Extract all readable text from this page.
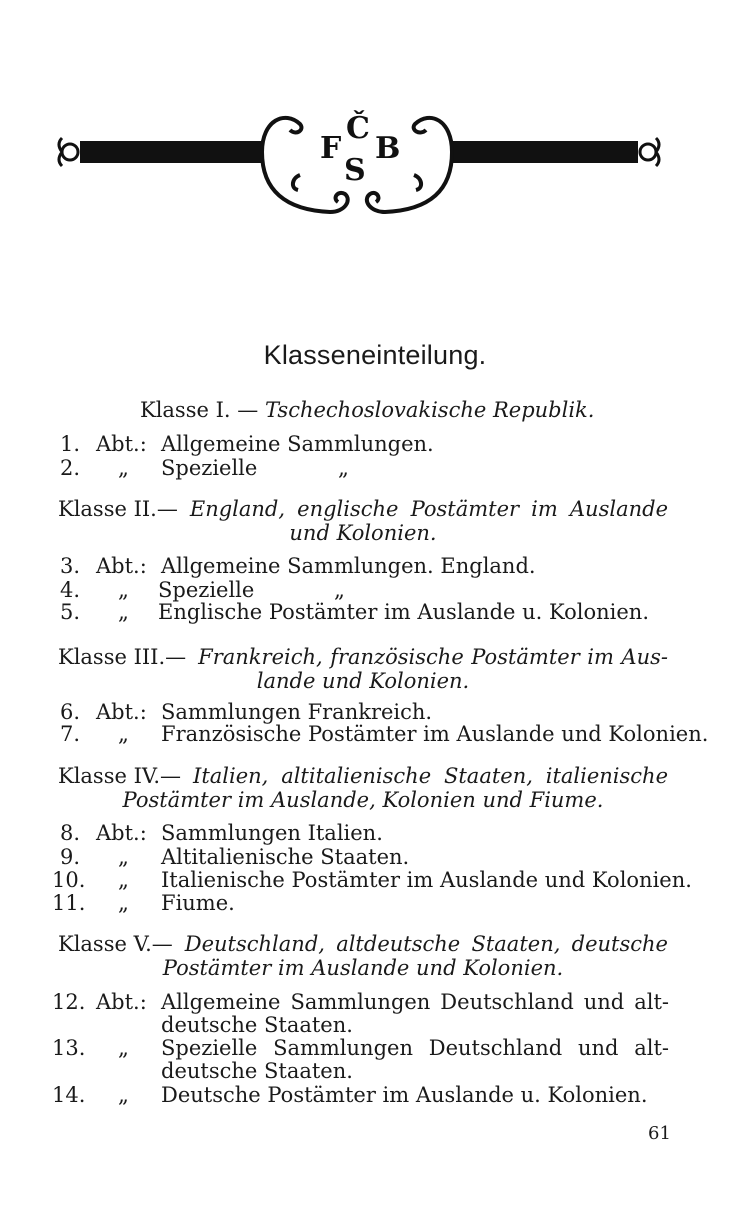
F
Č
B
S
Klasseneinteilung.
Klasse I. — Tschechoslovakische Republik.
1. Abt.: Allgemeine Sammlungen.
2. „ Spezielle	„
Klasse II. — England, englische Postämter im Auslande
und Kolonien.
3. Abt.: Allgemeine Sammlungen. England.
4. „ Spezielle	„
5. „ Englische Postämter im Auslande u. Kolonien.
Klasse III. — Frankreich, französische Postämter im Aus-
lande und Kolonien.
6. Abt.: Sammlungen Frankreich.
7. „ Französische Postämter im Auslande und Kolonien.
Klasse IV. — Italien, altitalienische Staaten, italienische
Postämter im Auslande, Kolonien und Fiume.
8. Abt.: Sammlungen Italien.
9. „ Altitalienische Staaten.
10. „ Italienische Postämter im Auslande und Kolonien.
11. „ Fiume.
Klasse V. — Deutschland, altdeutsche Staaten, deutsche
Postämter im Auslande und Kolonien.
12. Abt.: Allgemeine Sammlungen Deutschland und alt-
deutsche Staaten.
13. „ Spezielle Sammlungen Deutschland und alt-
deutsche Staaten.
14. „ Deutsche Postämter im Auslande u. Kolonien.
61
